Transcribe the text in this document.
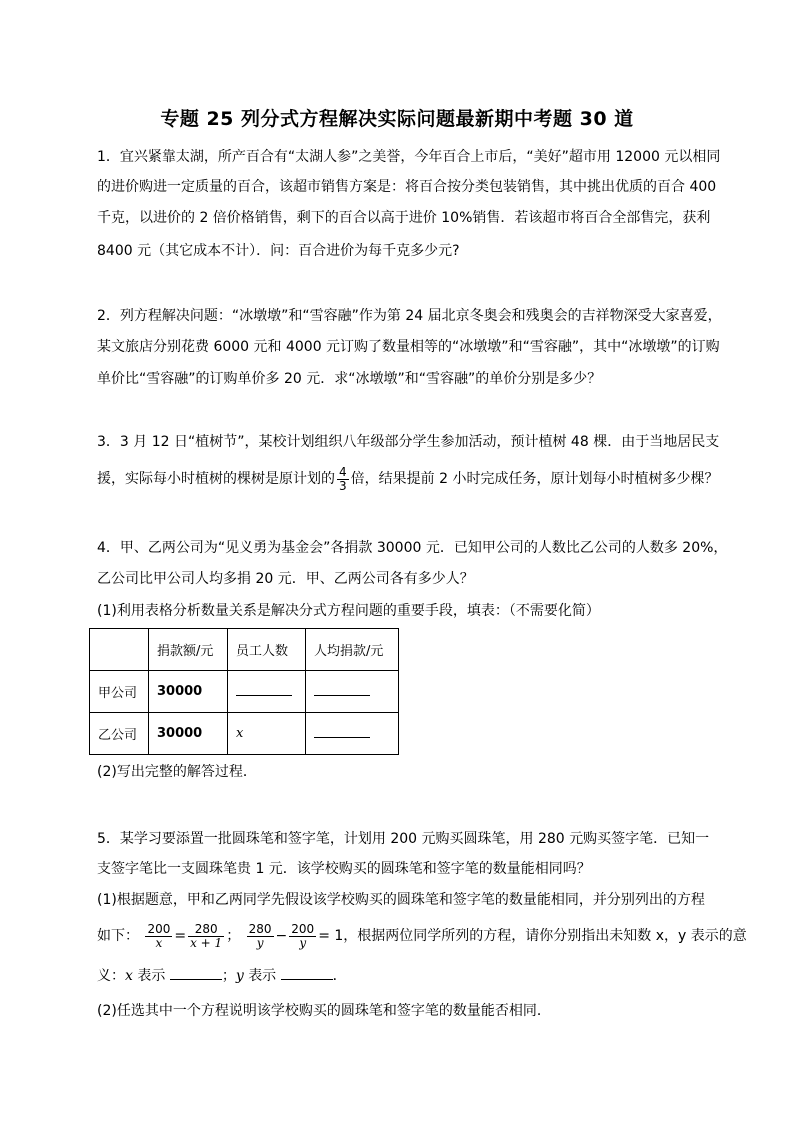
专题 25 列分式方程解决实际问题最新期中考题 30 道
1．宜兴紧靠太湖，所产百合有“太湖人参”之美誉，今年百合上市后，“美好”超市用 12000 元以相同
的进价购进一定质量的百合，该超市销售方案是：将百合按分类包装销售，其中挑出优质的百合 400
千克，以进价的 2 倍价格销售，剩下的百合以高于进价 10%销售．若该超市将百合全部售完，获利
8400 元（其它成本不计）．问：百合进价为每千克多少元?
2．列方程解决问题：“冰墩墩”和“雪容融”作为第 24 届北京冬奥会和残奥会的吉祥物深受大家喜爱，
某文旅店分别花费 6000 元和 4000 元订购了数量相等的“冰墩墩”和“雪容融”，其中“冰墩墩”的订购
单价比“雪容融”的订购单价多 20 元．求“冰墩墩”和“雪容融”的单价分别是多少？
3．3 月 12 日“植树节”，某校计划组织八年级部分学生参加活动，预计植树 48 棵．由于当地居民支
援，实际每小时植树的棵树是原计划的 $\frac{4}{3}$ 倍，结果提前 2 小时完成任务，原计划每小时植树多少棵？
4．甲、乙两公司为“见义勇为基金会”各捐款 30000 元．已知甲公司的人数比乙公司的人数多 20%，
乙公司比甲公司人均多捐 20 元．甲、乙两公司各有多少人？
(1)利用表格分析数量关系是解决分式方程问题的重要手段，填表：（不需要化简）
	捐款额/元	员工人数	人均捐款/元
甲公司	30000		
乙公司	30000	x	
(2)写出完整的解答过程．
5．某学习要添置一批圆珠笔和签字笔，计划用 200 元购买圆珠笔，用 280 元购买签字笔．已知一
支签字笔比一支圆珠笔贵 1 元．该学校购买的圆珠笔和签字笔的数量能相同吗？
(1)根据题意，甲和乙两同学先假设该学校购买的圆珠笔和签字笔的数量能相同，并分别列出的方程
如下： $\frac{200}{x} = \frac{280}{x + 1}$ ； $\frac{280}{y} - \frac{200}{y} = 1$，根据两位同学所列的方程，请你分别指出未知数 x，y 表示的意
义：x 表示	；y 表示	．
(2)任选其中一个方程说明该学校购买的圆珠笔和签字笔的数量能否相同．
